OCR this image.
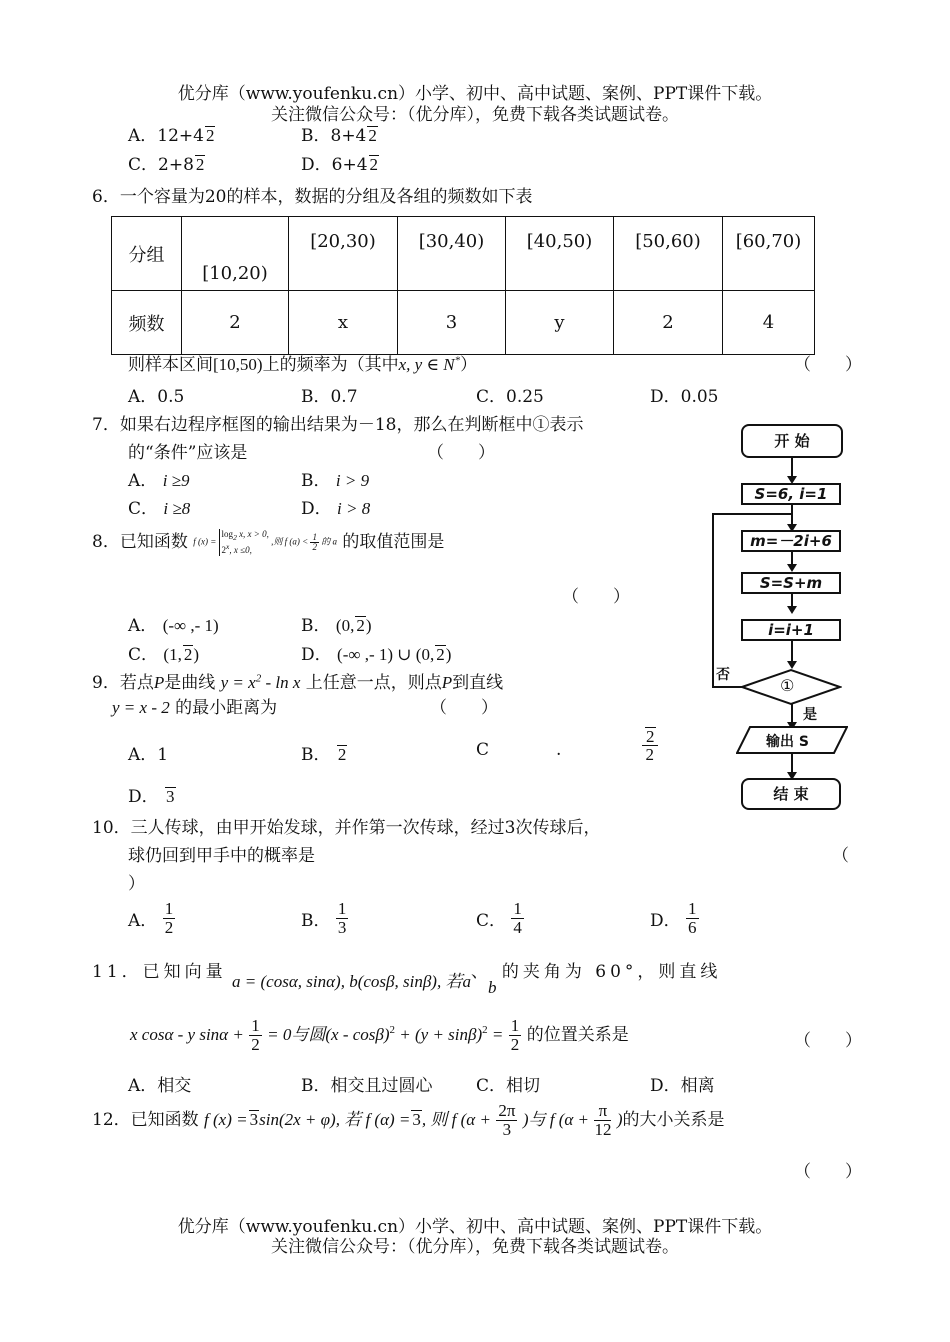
优分库（www.youfenku.cn）小学、初中、高中试题、案例、PPT课件下载。
关注微信公众号：（优分库），免费下载各类试题试卷。
A．12+4 2	B．8+4 2
C．2+8 2	D．6+4 2
6．一个容量为20的样本，数据的分组及各组的频数如下表
分组	[10,20)	[20,30)	[30,40)	[40,50)	[50,60)	[60,70)
频数	2	x	3	y	2	4
则样本区间[10,50)上的频率为（其中x, y ∈ N*）	（　　）
A．0.5	B．0.7	C．0.25	D．0.05
7．如果右边程序框图的输出结果为－18，那么在判断框中①表示
的“条件”应该是	（　　）
A． i ≥9	B． i > 9
C． i ≥8	D． i > 8
8．已知函数 f (x) =
$\log_2 x$, x > 0,
2$^x$, x ≤0,
,则 f $(a) < \frac{1}{2}$ 的 a 的取值范围是
（　　）
A． (-∞ ,- 1)	B． (0, 2)
C． (1, 2)	D． (-∞ ,- 1) ∪ (0, 2)
9．若点P是曲线 $y = x^2 - \ln x$ 上任意一点，则点P到直线
y = x - 2 的最小距离为	（　　）
A．1	B． 2	C	.	$\frac{2}{2}$
D． 3
10．三人传球，由甲开始发球，并作第一次传球，经过3次传球后，
球仍回到甲手中的概率是	（
）
A． $\frac{1}{2}$	B． $\frac{1}{3}$	C． $\frac{1}{4}$	D． $\frac{1}{6}$
11．已知向量 a = (cosα, sinα), b(cosβ, sinβ), 若a、b 的夹角为 60°，则直线
x cosα - y $\sin\alpha + \frac{1}{2} = 0$与圆$(x - \cos\beta)^2 + (y + \sin\beta)^2 = \frac{1}{2}$ 的位置关系是	（　　）
A．相交	B．相交且过圆心	C．相切	D．相离
12．已知函数 f (x) = 3sin(2x + φ), 若 f (α) = 3, 则 f ($\alpha + \frac{2\pi}{3}$ )与 f ($\alpha + \frac{\pi}{12}$ )的大小关系是
（　　）
开 始
S=6, i=1
m=－2i+6
S=S+m
i=i+1
①
否
是
输出 S
结 束
优分库（www.youfenku.cn）小学、初中、高中试题、案例、PPT课件下载。
关注微信公众号：（优分库），免费下载各类试题试卷。
